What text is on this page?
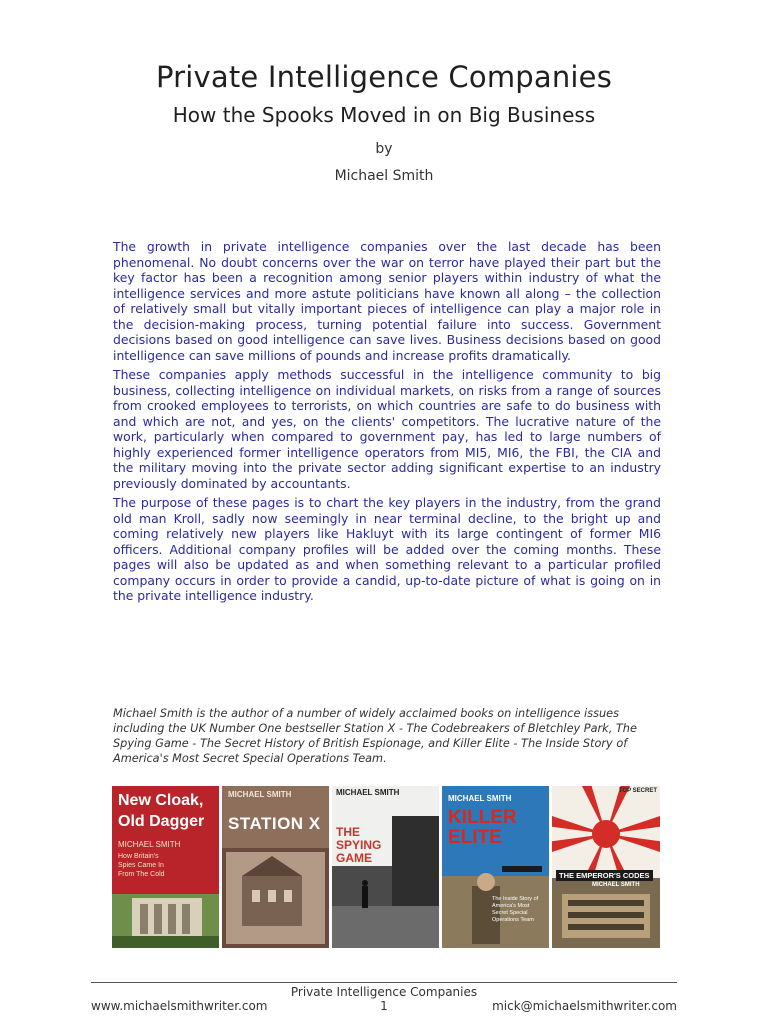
Private Intelligence Companies
How the Spooks Moved in on Big Business
by
Michael Smith

The growth in private intelligence companies over the last decade has been phenomenal. No doubt concerns over the war on terror have played their part but the key factor has been a recognition among senior players within industry of what the intelligence services and more astute politicians have known all along – the collection of relatively small but vitally important pieces of intelligence can play a major role in the decision-making process, turning potential failure into success. Government decisions based on good intelligence can save lives. Business decisions based on good intelligence can save millions of pounds and increase profits dramatically.

These companies apply methods successful in the intelligence community to big business, collecting intelligence on individual markets, on risks from a range of sources from crooked employees to terrorists, on which countries are safe to do business with and which are not, and yes, on the clients' competitors. The lucrative nature of the work, particularly when compared to government pay, has led to large numbers of highly experienced former intelligence operators from MI5, MI6, the FBI, the CIA and the military moving into the private sector adding significant expertise to an industry previously dominated by accountants.

The purpose of these pages is to chart the key players in the industry, from the grand old man Kroll, sadly now seemingly in near terminal decline, to the bright up and coming relatively new players like Hakluyt with its large contingent of former MI6 officers. Additional company profiles will be added over the coming months. These pages will also be updated as and when something relevant to a particular profiled company occurs in order to provide a candid, up-to-date picture of what is going on in the private intelligence industry.

Michael Smith is the author of a number of widely acclaimed books on intelligence issues including the UK Number One bestseller Station X - The Codebreakers of Bletchley Park, The Spying Game - The Secret History of British Espionage, and Killer Elite - The Inside Story of America's Most Secret Special Operations Team.
New Cloak,
Old Dagger
MICHAEL SMITH
How Britain's Spies Came In From The Cold
MICHAEL SMITH
STATION X
MICHAEL SMITH
THE SPYING GAME
MICHAEL SMITH
KILLER ELITE
The Inside Story of America's Most Secret Special Operations Team
TOP SECRET
THE EMPEROR'S CODES
MICHAEL SMITH
Private Intelligence Companies
www.michaelsmithwriter.com	1	mick@michaelsmithwriter.com
